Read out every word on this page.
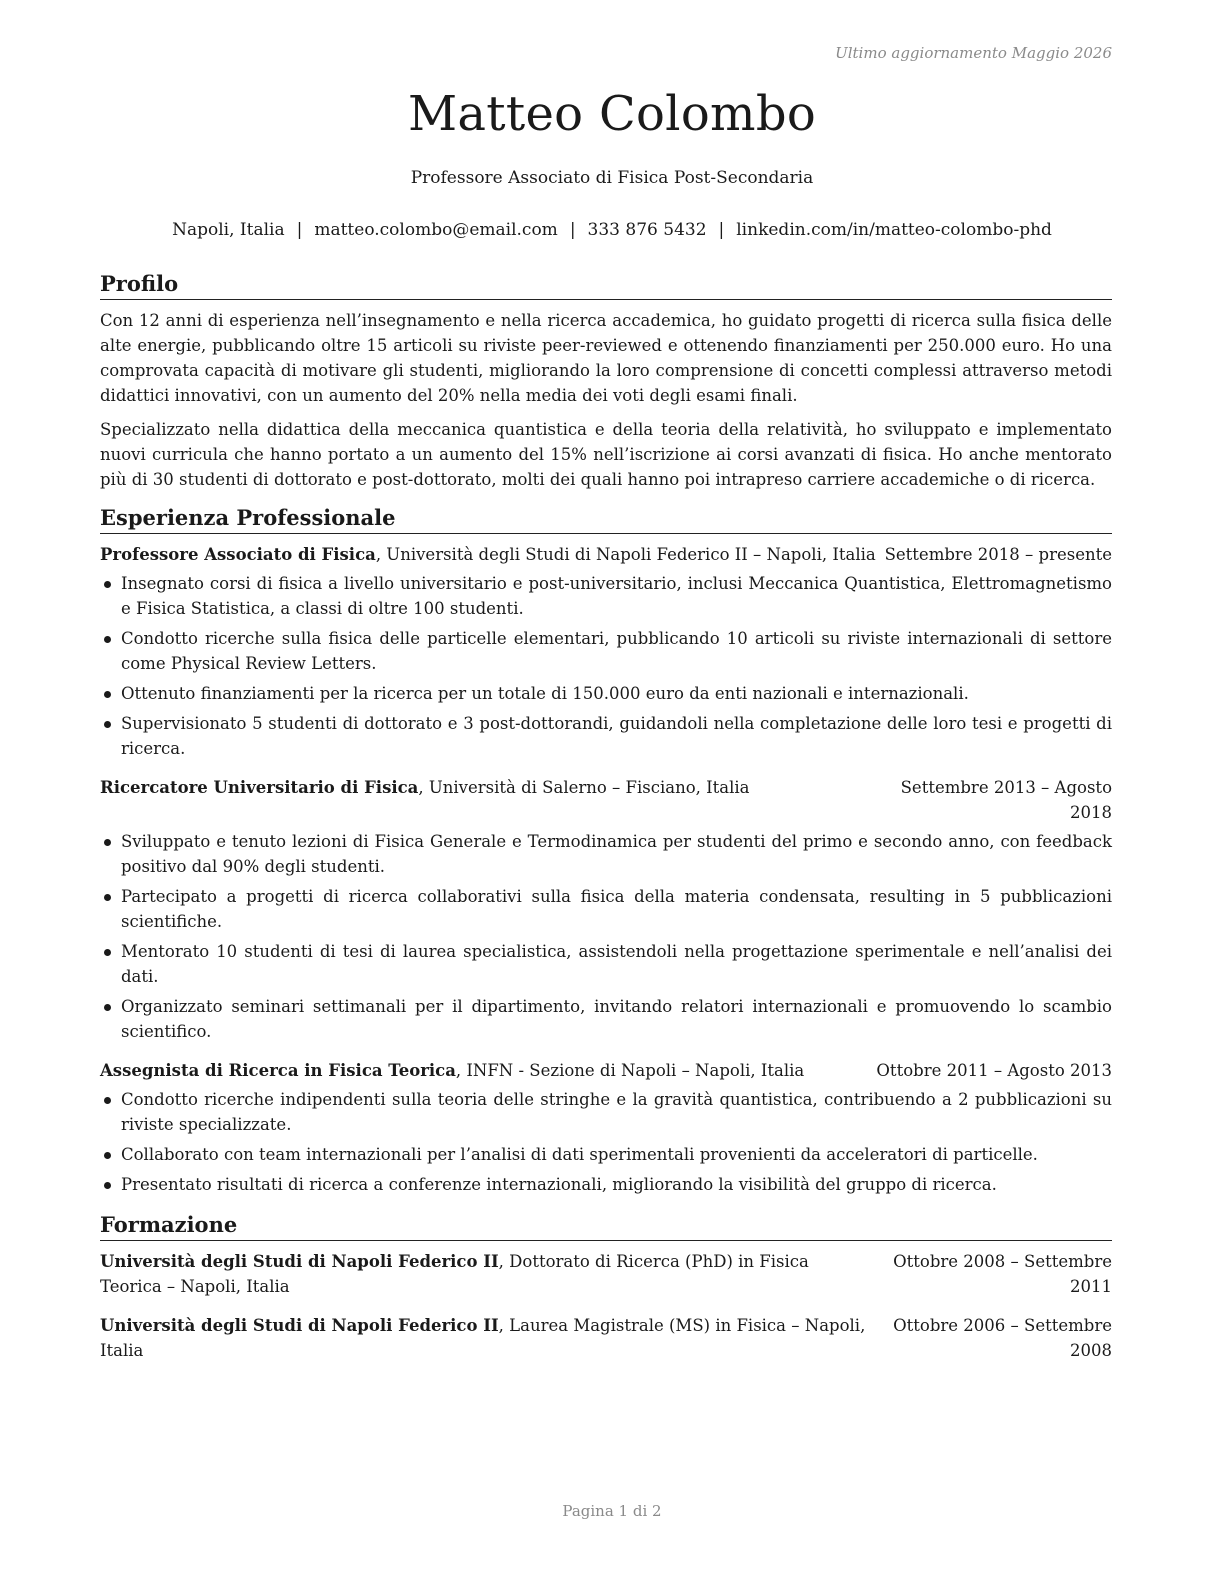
Ultimo aggiornamento Maggio 2026
Matteo Colombo
Professore Associato di Fisica Post-Secondaria
Napoli, Italia | matteo.colombo@email.com | 333 876 5432 | linkedin.com/in/matteo-colombo-phd
Profilo

Con 12 anni di esperienza nell’insegnamento e nella ricerca accademica, ho guidato progetti di ricerca sulla fisica delle alte energie, pubblicando oltre 15 articoli su riviste peer-reviewed e ottenendo finanziamenti per 250.000 euro. Ho una comprovata capacità di motivare gli studenti, migliorando la loro comprensione di concetti complessi attraverso metodi didattici innovativi, con un aumento del 20% nella media dei voti degli esami finali.

Specializzato nella didattica della meccanica quantistica e della teoria della relatività, ho sviluppato e implementato nuovi curricula che hanno portato a un aumento del 15% nell’iscrizione ai corsi avanzati di fisica. Ho anche mentorato più di 30 studenti di dottorato e post-dottorato, molti dei quali hanno poi intrapreso carriere accademiche o di ricerca.

Esperienza Professionale
Professore Associato di Fisica, Università degli Studi di Napoli Federico II – Napoli, Italia Settembre 2018 – presente
Insegnato corsi di fisica a livello universitario e post-universitario, inclusi Meccanica Quantistica, Elettromagnetismo e Fisica Statistica, a classi di oltre 100 studenti.
Condotto ricerche sulla fisica delle particelle elementari, pubblicando 10 articoli su riviste internazionali di settore come Physical Review Letters.
Ottenuto finanziamenti per la ricerca per un totale di 150.000 euro da enti nazionali e internazionali.
Supervisionato 5 studenti di dottorato e 3 post-dottorandi, guidandoli nella completazione delle loro tesi e progetti di ricerca.
Ricercatore Universitario di Fisica, Università di Salerno – Fisciano, Italia	Settembre 2013 – Agosto 2018
Sviluppato e tenuto lezioni di Fisica Generale e Termodinamica per studenti del primo e secondo anno, con feedback positivo dal 90% degli studenti.
Partecipato a progetti di ricerca collaborativi sulla fisica della materia condensata, resulting in 5 pubblicazioni scientifiche.
Mentorato 10 studenti di tesi di laurea specialistica, assistendoli nella progettazione sperimentale e nell’analisi dei dati.
Organizzato seminari settimanali per il dipartimento, invitando relatori internazionali e promuovendo lo scambio scientifico.
Assegnista di Ricerca in Fisica Teorica, INFN - Sezione di Napoli – Napoli, Italia	Ottobre 2011 – Agosto 2013
Condotto ricerche indipendenti sulla teoria delle stringhe e la gravità quantistica, contribuendo a 2 pubblicazioni su riviste specializzate.
Collaborato con team internazionali per l’analisi di dati sperimentali provenienti da acceleratori di particelle.
Presentato risultati di ricerca a conferenze internazionali, migliorando la visibilità del gruppo di ricerca.
Formazione
Università degli Studi di Napoli Federico II, Dottorato di Ricerca (PhD) in Fisica Teorica – Napoli, Italia
Ottobre 2008 – Settembre 2011
Università degli Studi di Napoli Federico II, Laurea Magistrale (MS) in Fisica – Napoli, Italia
Ottobre 2006 – Settembre 2008
Pagina 1 di 2
